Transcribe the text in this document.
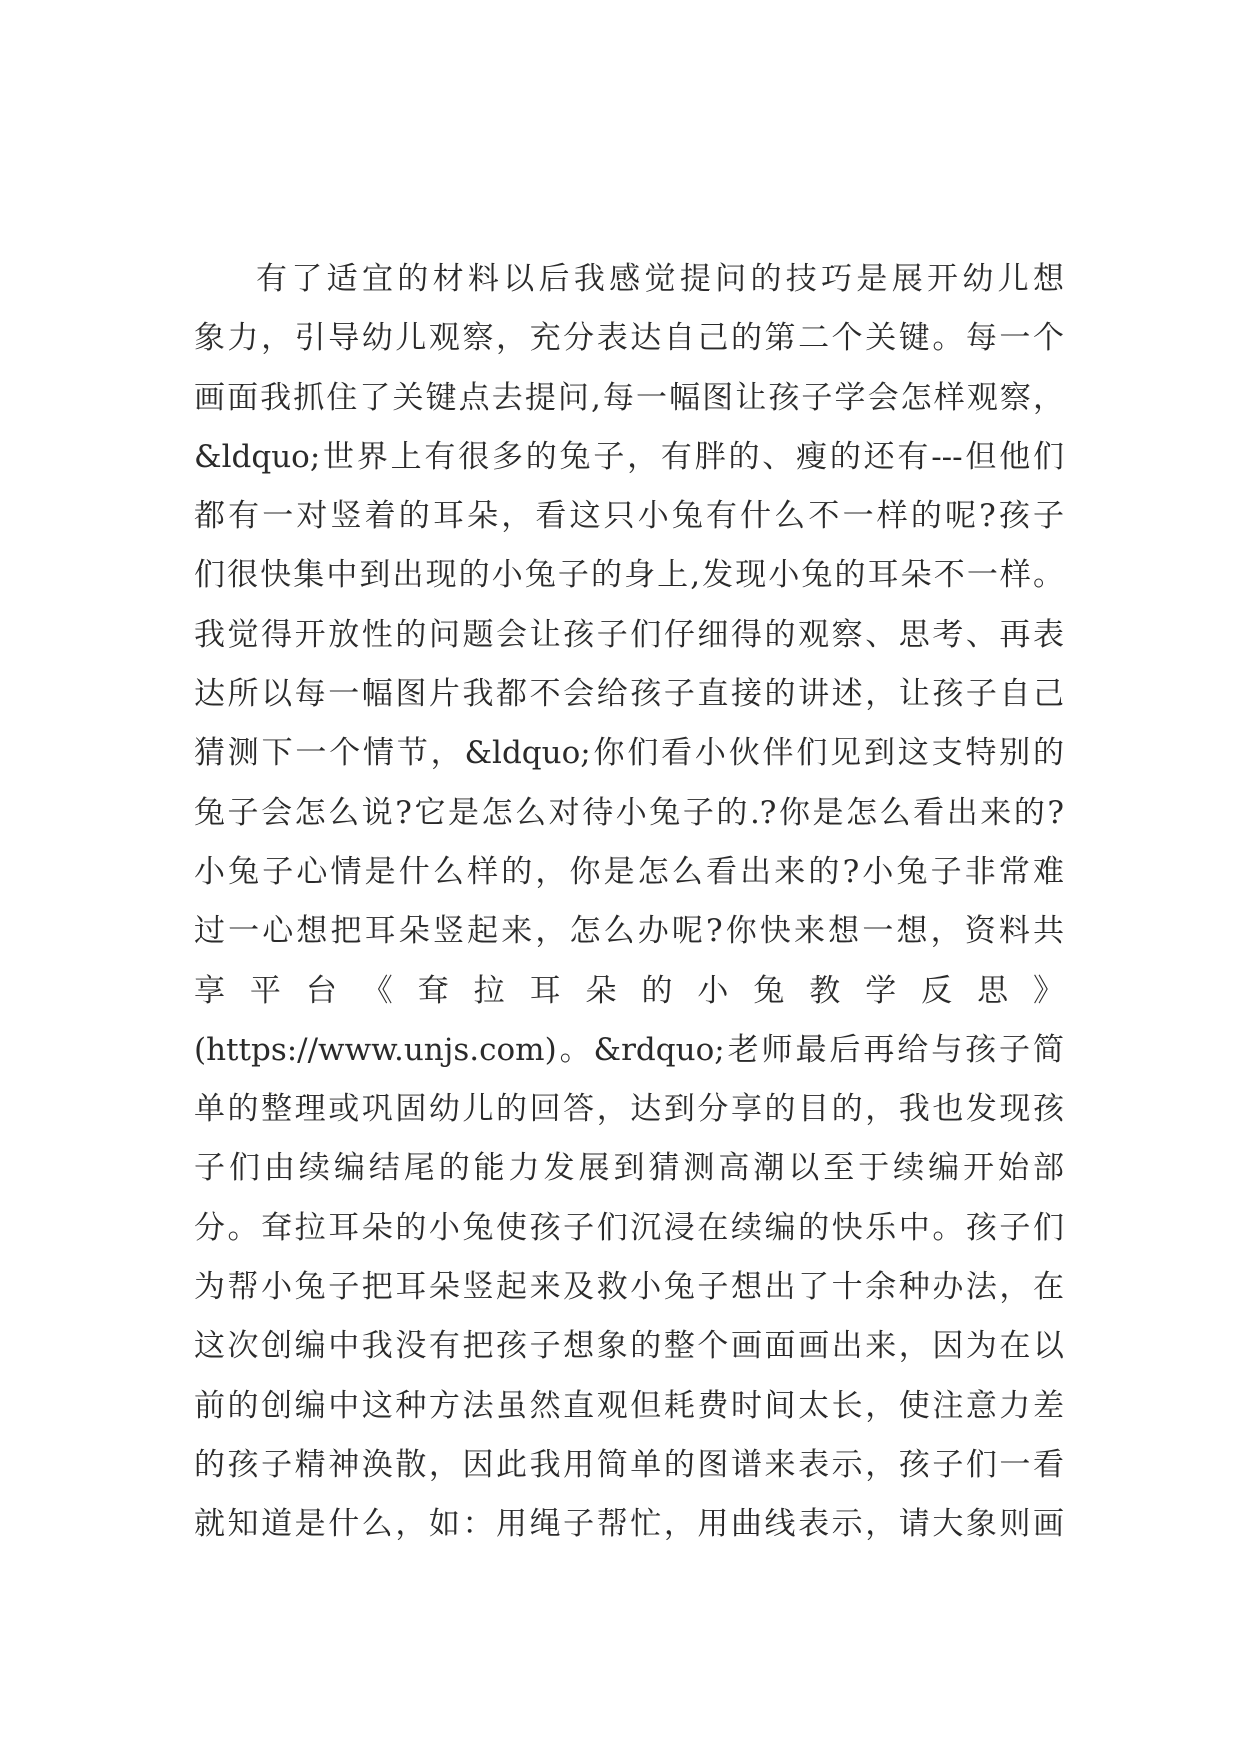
有了适宜的材料以后我感觉提问的技巧是展开幼儿想
象力，引导幼儿观察，充分表达自己的第二个关键。每一个
画面我抓住了关键点去提问,每一幅图让孩子学会怎样观察，
&ldquo;世界上有很多的兔子，有胖的、瘦的还有---但他们
都有一对竖着的耳朵，看这只小兔有什么不一样的呢?孩子
们很快集中到出现的小兔子的身上,发现小兔的耳朵不一样。
我觉得开放性的问题会让孩子们仔细得的观察、思考、再表
达所以每一幅图片我都不会给孩子直接的讲述，让孩子自己
猜测下一个情节，&ldquo;你们看小伙伴们见到这支特别的
兔子会怎么说?它是怎么对待小兔子的.?你是怎么看出来的?
小兔子心情是什么样的，你是怎么看出来的?小兔子非常难
过一心想把耳朵竖起来，怎么办呢?你快来想一想，资料共
享 平 台 《 耷 拉 耳 朵 的 小 兔 教 学 反 思 》
(https://www.unjs.com)。&rdquo;老师最后再给与孩子简
单的整理或巩固幼儿的回答，达到分享的目的，我也发现孩
子们由续编结尾的能力发展到猜测高潮以至于续编开始部
分。耷拉耳朵的小兔使孩子们沉浸在续编的快乐中。孩子们
为帮小兔子把耳朵竖起来及救小兔子想出了十余种办法，在
这次创编中我没有把孩子想象的整个画面画出来，因为在以
前的创编中这种方法虽然直观但耗费时间太长，使注意力差
的孩子精神涣散，因此我用简单的图谱来表示，孩子们一看
就知道是什么，如：用绳子帮忙，用曲线表示，请大象则画
